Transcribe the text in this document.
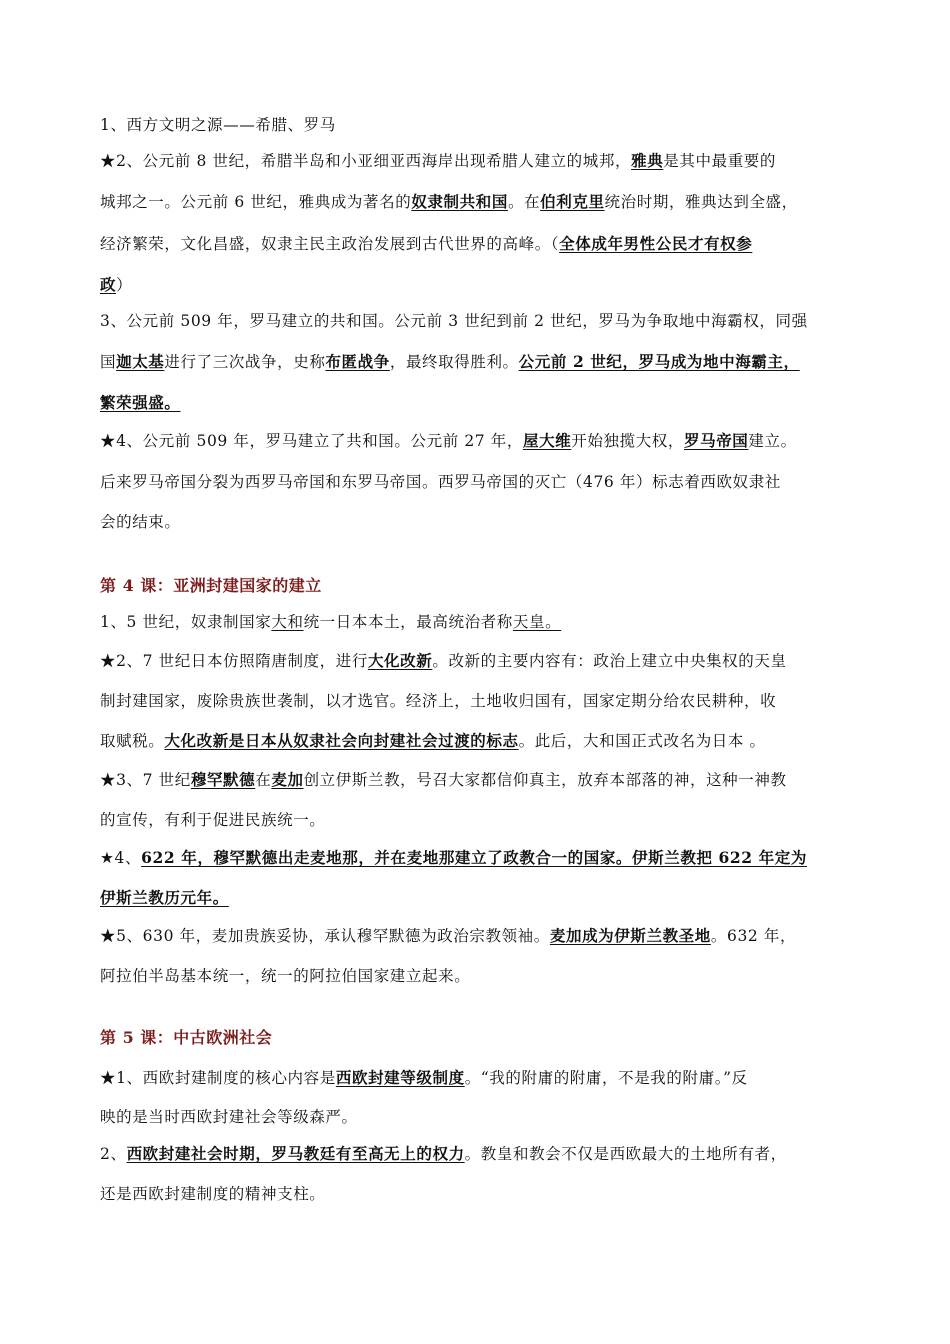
1、西方文明之源——希腊、罗马
★2、公元前 8 世纪，希腊半岛和小亚细亚西海岸出现希腊人建立的城邦，雅典是其中最重要的
城邦之一。公元前 6 世纪，雅典成为著名的奴隶制共和国。在伯利克里统治时期，雅典达到全盛，
经济繁荣，文化昌盛，奴隶主民主政治发展到古代世界的高峰。（全体成年男性公民才有权参
政）
3、公元前 509 年，罗马建立的共和国。公元前 3 世纪到前 2 世纪，罗马为争取地中海霸权，同强
国迦太基进行了三次战争，史称布匿战争，最终取得胜利。公元前 2 世纪，罗马成为地中海霸主，
繁荣强盛。
★4、公元前 509 年，罗马建立了共和国。公元前 27 年，屋大维开始独揽大权，罗马帝国建立。
后来罗马帝国分裂为西罗马帝国和东罗马帝国。西罗马帝国的灭亡（476 年）标志着西欧奴隶社
会的结束。
第 4 课：亚洲封建国家的建立
1、5 世纪，奴隶制国家大和统一日本本土，最高统治者称天皇。
★2、7 世纪日本仿照隋唐制度，进行大化改新。改新的主要内容有：政治上建立中央集权的天皇
制封建国家，废除贵族世袭制，以才选官。经济上，土地收归国有，国家定期分给农民耕种，收
取赋税。大化改新是日本从奴隶社会向封建社会过渡的标志。此后，大和国正式改名为日本 。
★3、7 世纪穆罕默德在麦加创立伊斯兰教，号召大家都信仰真主，放弃本部落的神，这种一神教
的宣传，有利于促进民族统一。
★4、622 年，穆罕默德出走麦地那，并在麦地那建立了政教合一的国家。伊斯兰教把 622 年定为
伊斯兰教历元年。
★5、630 年，麦加贵族妥协，承认穆罕默德为政治宗教领袖。麦加成为伊斯兰教圣地。632 年，
阿拉伯半岛基本统一，统一的阿拉伯国家建立起来。
第 5 课：中古欧洲社会
★1、西欧封建制度的核心内容是西欧封建等级制度。“我的附庸的附庸，不是我的附庸。”反
映的是当时西欧封建社会等级森严。
2、西欧封建社会时期，罗马教廷有至高无上的权力。教皇和教会不仅是西欧最大的土地所有者，
还是西欧封建制度的精神支柱。
